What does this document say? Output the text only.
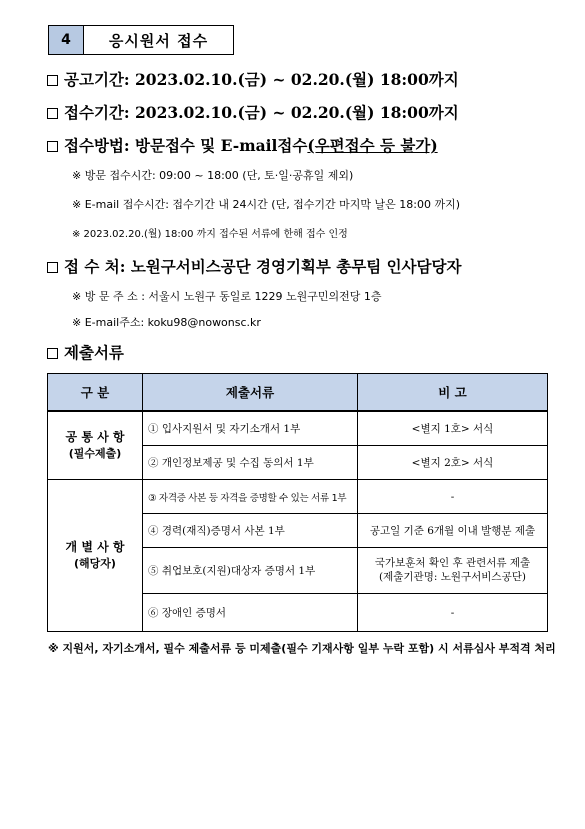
4	응시원서 접수
공고기간: 2023.02.10.(금) ~ 02.20.(월) 18:00까지
접수기간: 2023.02.10.(금) ~ 02.20.(월) 18:00까지
접수방법: 방문접수 및 E-mail접수(우편접수 등 불가)
※ 방문 접수시간: 09:00 ~ 18:00 (단, 토·일·공휴일 제외)
※ E-mail 접수시간: 접수기간 내 24시간 (단, 접수기간 마지막 날은 18:00 까지)
※ 2023.02.20.(월) 18:00 까지 접수된 서류에 한해 접수 인정
접 수 처: 노원구서비스공단 경영기획부 총무팀 인사담당자
※ 방 문 주 소 : 서울시 노원구 동일로 1229 노원구민의전당 1층
※ E-mail주소: koku98@nowonsc.kr
제출서류
구 분	제출서류	비 고

공 통 사 항
(필수제출)	① 입사지원서 및 자기소개서 1부	<별지 1호> 서식
	② 개인정보제공 및 수집 동의서 1부	<별지 2호> 서식

개 별 사 항
(해당자)	③ 자격증 사본 등 자격을 증명할 수 있는 서류 1부	-
	④ 경력(재직)증명서 사본 1부	공고일 기준 6개월 이내 발행분 제출
	⑤ 취업보호(지원)대상자 증명서 1부	국가보훈처 확인 후 관련서류 제출
(제출기관명: 노원구서비스공단)

	⑥ 장애인 증명서	-
※ 지원서, 자기소개서, 필수 제출서류 등 미제출(필수 기재사항 일부 누락 포함) 시 서류심사 부적격 처리
